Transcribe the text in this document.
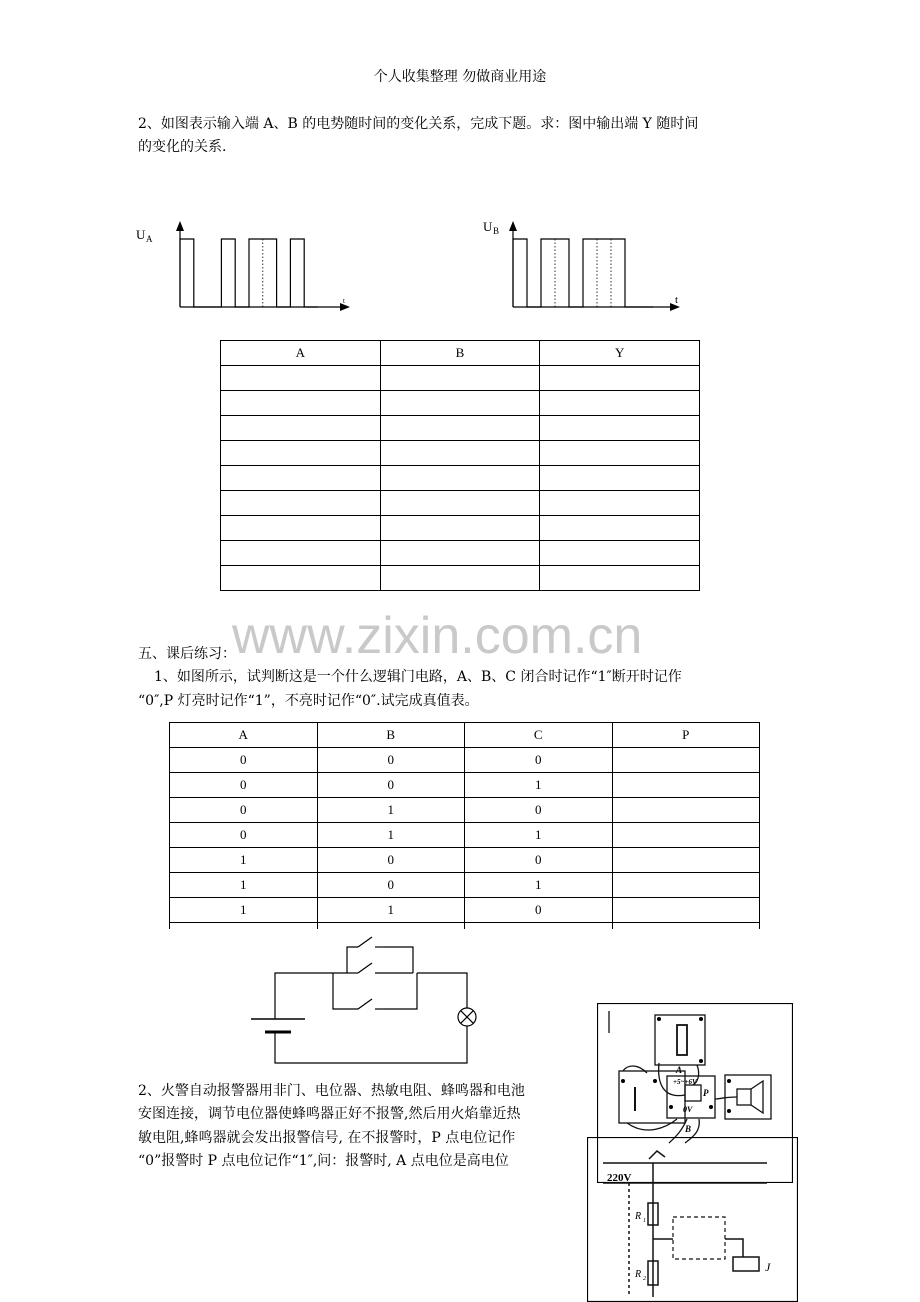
个人收集整理 勿做商业用途
2、如图表示输入端 A、B 的电势随时间的变化关系，完成下题。求：图中输出端 Y 随时间
的变化的关系.
U A
t
U B
t
A	B	Y

www.zixin.com.cn
五、课后练习：
1、如图所示，试判断这是一个什么逻辑门电路，A、B、C 闭合时记作“1″断开时记作
“0″,P 灯亮时记作“1”，不亮时记作“0″.试完成真值表。
A	B	C	P
0	0	0	
0	0	1	
0	1	0	
0	1	1	
1	0	0	
1	0	1	
1	1	0	

2、火警自动报警器用非门、电位器、热敏电阻、蜂鸣器和电池
安图连接，调节电位器使蜂鸣器正好不报警,然后用火焰靠近热
敏电阻,蜂鸣器就会发出报警信号, 在不报警时，P 点电位记作
“0”报警时 P 点电位记作“1″,问：报警时, A 点电位是高电位
A
B
P
+5~+6V
0V
220V
R 1
R 2
J
